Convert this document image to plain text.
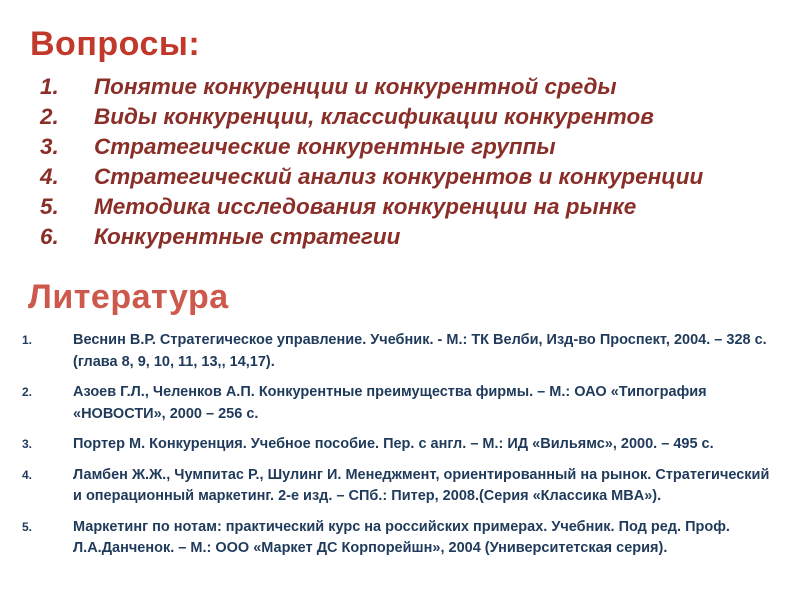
Вопросы:
1.	Понятие конкуренции и конкурентной среды
2.	Виды конкуренции, классификации конкурентов
3.	Стратегические конкурентные группы
4.	Стратегический анализ конкурентов и конкуренции
5.	Методика исследования конкуренции на рынке
6.	Конкурентные стратегии
Литература
1.	Веснин В.Р. Стратегическое управление. Учебник. - М.: ТК Велби, Изд-во Проспект, 2004. – 328 с. (глава 8, 9, 10, 11, 13,, 14,17).
2.	Азоев Г.Л., Челенков А.П. Конкурентные преимущества фирмы. – М.: ОАО «Типография «НОВОСТИ», 2000 – 256 с.
3.	Портер М. Конкуренция. Учебное пособие. Пер. с англ. – М.: ИД «Вильямс», 2000. – 495 с.
4.	Ламбен Ж.Ж., Чумпитас Р., Шулинг И. Менеджмент, ориентированный на рынок. Стратегический и операционный маркетинг. 2-е изд. – СПб.: Питер, 2008.(Серия «Классика MBA»).
5.	Маркетинг по нотам: практический курс на российских примерах. Учебник. Под ред. Проф. Л.А.Данченок. – М.: ООО «Маркет ДС Корпорейшн», 2004 (Университетская серия).
